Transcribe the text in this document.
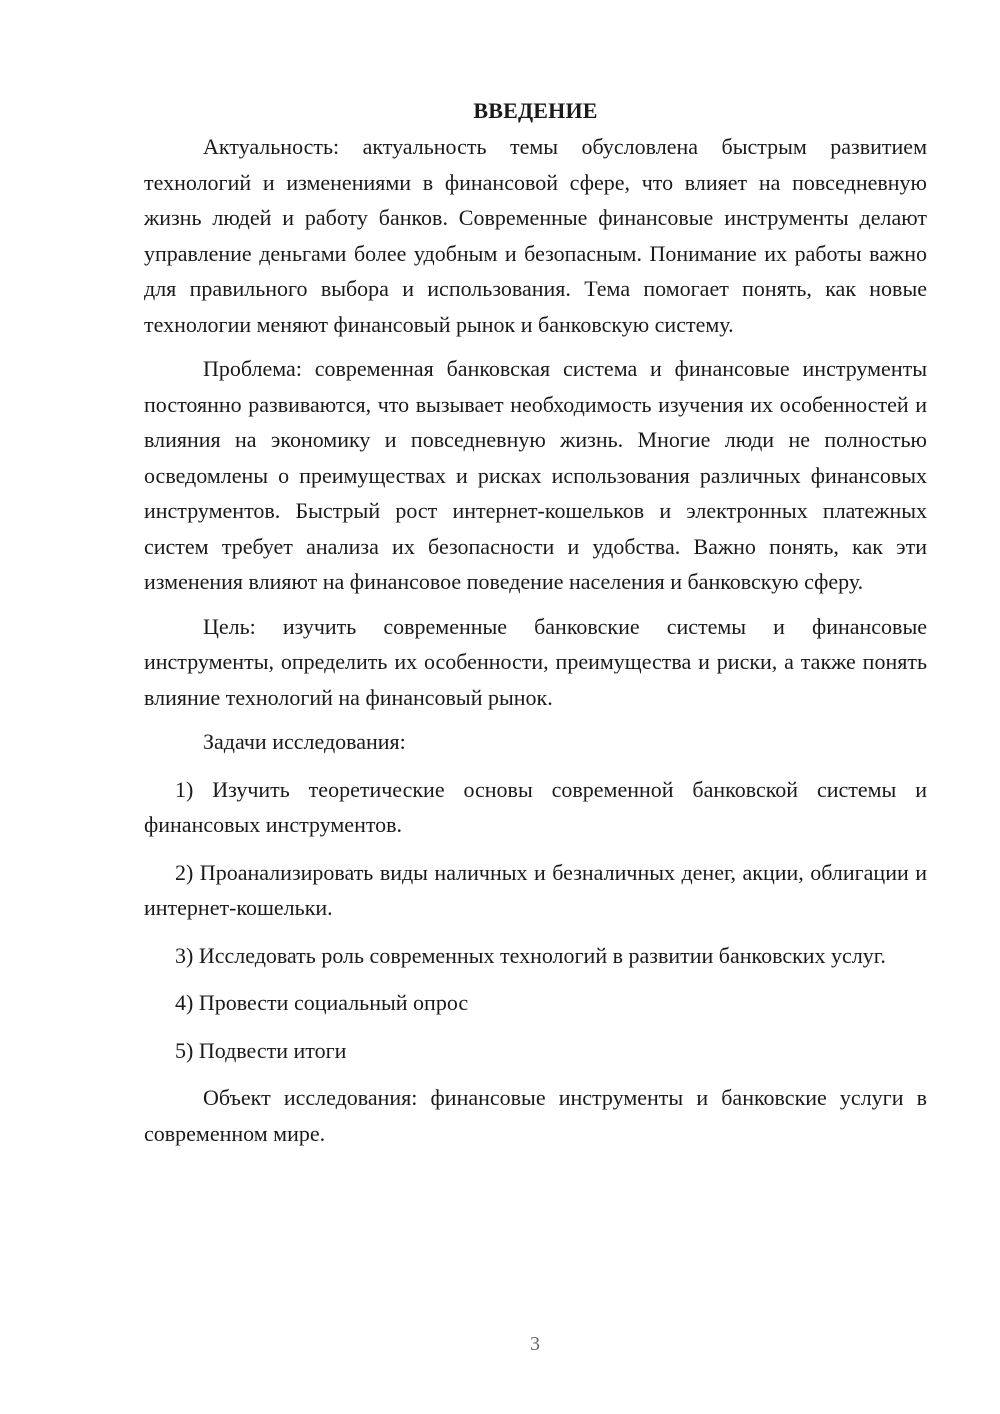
ВВЕДЕНИЕ

Актуальность: актуальность темы обусловлена быстрым развитием технологий и изменениями в финансовой сфере, что влияет на повседневную жизнь людей и работу банков. Современные финансовые инструменты делают управление деньгами более удобным и безопасным. Понимание их работы важно для правильного выбора и использования. Тема помогает понять, как новые технологии меняют финансовый рынок и банковскую систему.

Проблема: современная банковская система и финансовые инструменты постоянно развиваются, что вызывает необходимость изучения их особенностей и влияния на экономику и повседневную жизнь. Многие люди не полностью осведомлены о преимуществах и рисках использования различных финансовых инструментов. Быстрый рост интернет-кошельков и электронных платежных систем требует анализа их безопасности и удобства. Важно понять, как эти изменения влияют на финансовое поведение населения и банковскую сферу.

Цель: изучить современные банковские системы и финансовые инструменты, определить их особенности, преимущества и риски, а также понять влияние технологий на финансовый рынок.

Задачи исследования:

1) Изучить теоретические основы современной банковской системы и финансовых инструментов.

2) Проанализировать виды наличных и безналичных денег, акции, облигации и интернет-кошельки.

3) Исследовать роль современных технологий в развитии банковских услуг.

4) Провести социальный опрос

5) Подвести итоги

Объект исследования: финансовые инструменты и банковские услуги в современном мире.

3
